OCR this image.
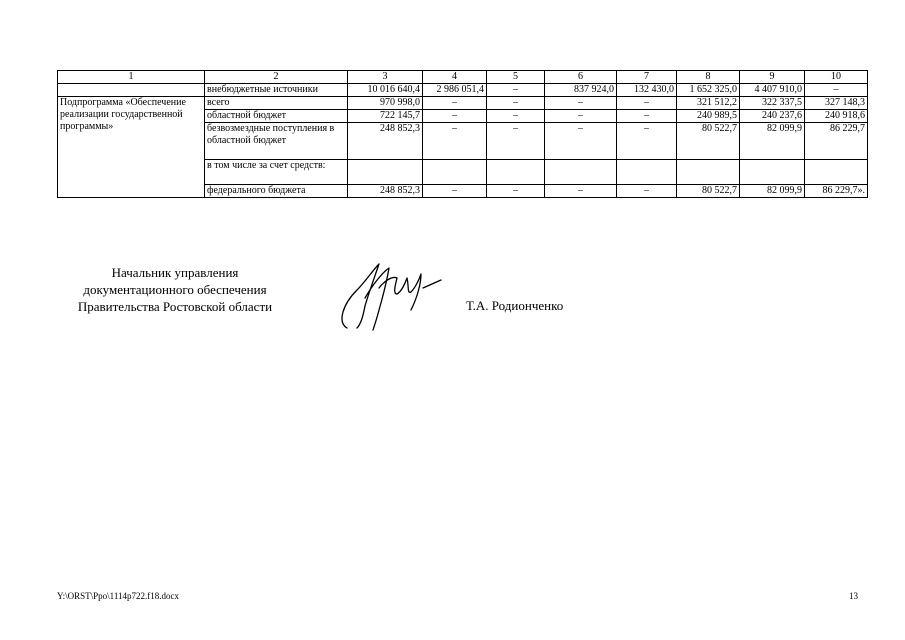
1	2	3	4	5	6	7	8	9	10
	внебюджетные источники	10 016 640,4	2 986 051,4	–	837 924,0	132 430,0	1 652 325,0	4 407 910,0	–
Подпрограмма «Обеспечение реализации государственной программы»	всего	970 998,0	–	–	–	–	321 512,2	322 337,5	327 148,3
	областной бюджет	722 145,7	–	–	–	–	240 989,5	240 237,6	240 918,6
	безвозмездные поступления в областной бюджет	248 852,3	–	–	–	–	80 522,7	82 099,9	86 229,7
	в том числе за счет средств:								
	федерального бюджета	248 852,3	–	–	–	–	80 522,7	82 099,9	86 229,7».
Начальник управления
документационного обеспечения
Правительства Ростовской области	Т.А. Родионченко
Y:\ORST\Ppo\1114p722.f18.docx	13
